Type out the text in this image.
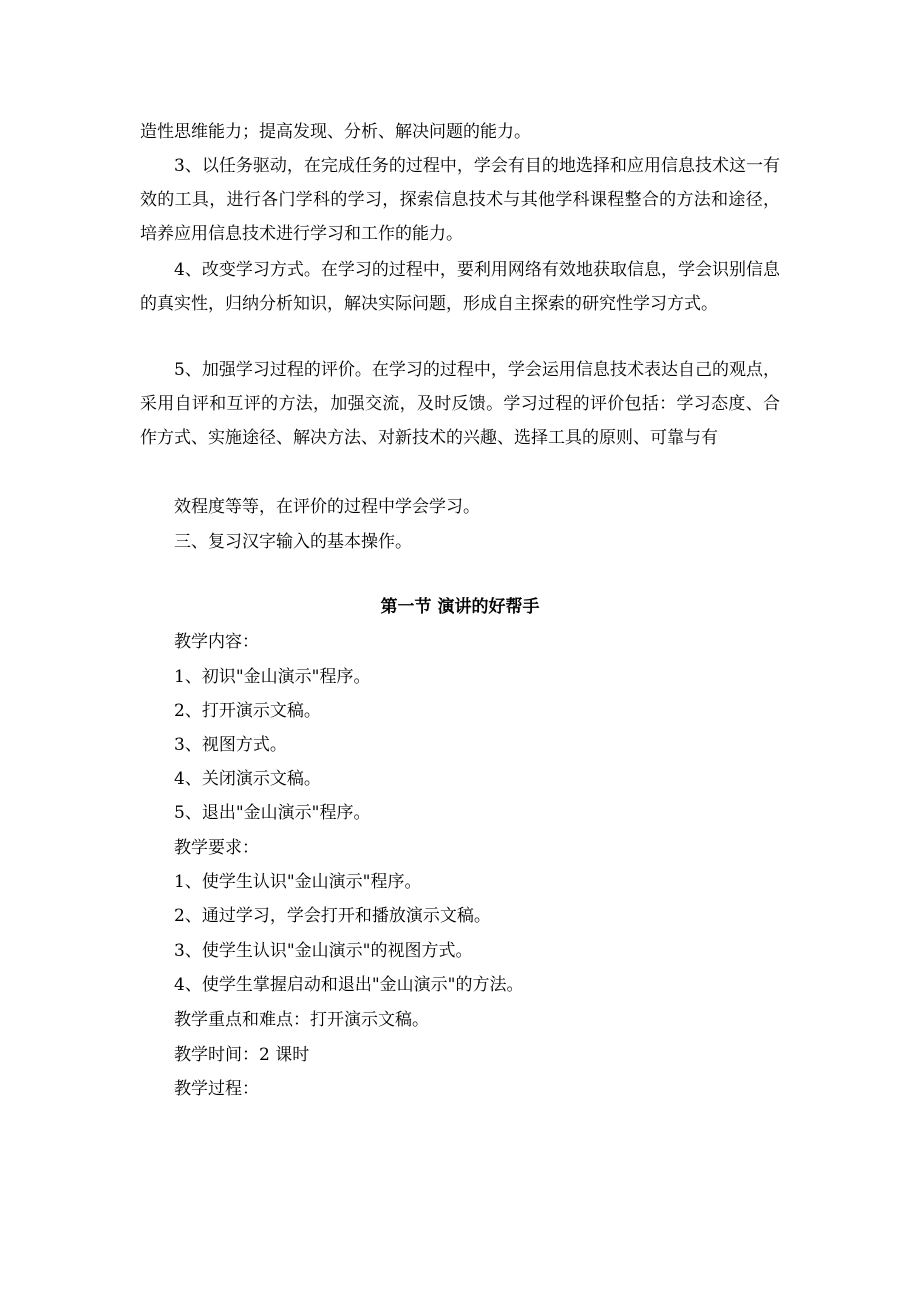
造性思维能力；提高发现、分析、解决问题的能力。

3、以任务驱动，在完成任务的过程中，学会有目的地选择和应用信息技术这一有效的工具，进行各门学科的学习，探索信息技术与其他学科课程整合的方法和途径，培养应用信息技术进行学习和工作的能力。

4、改变学习方式。在学习的过程中，要利用网络有效地获取信息，学会识别信息的真实性，归纳分析知识，解决实际问题，形成自主探索的研究性学习方式。

5、加强学习过程的评价。在学习的过程中，学会运用信息技术表达自己的观点，采用自评和互评的方法，加强交流，及时反馈。学习过程的评价包括：学习态度、合作方式、实施途径、解决方法、对新技术的兴趣、选择工具的原则、可靠与有

效程度等等，在评价的过程中学会学习。

三、复习汉字输入的基本操作。

第一节 演讲的好帮手

教学内容：

1、初识"金山演示"程序。

2、打开演示文稿。

3、视图方式。

4、关闭演示文稿。

5、退出"金山演示"程序。

教学要求：

1、使学生认识"金山演示"程序。

2、通过学习，学会打开和播放演示文稿。

3、使学生认识"金山演示"的视图方式。

4、使学生掌握启动和退出"金山演示"的方法。

教学重点和难点：打开演示文稿。

教学时间：2 课时

教学过程：
